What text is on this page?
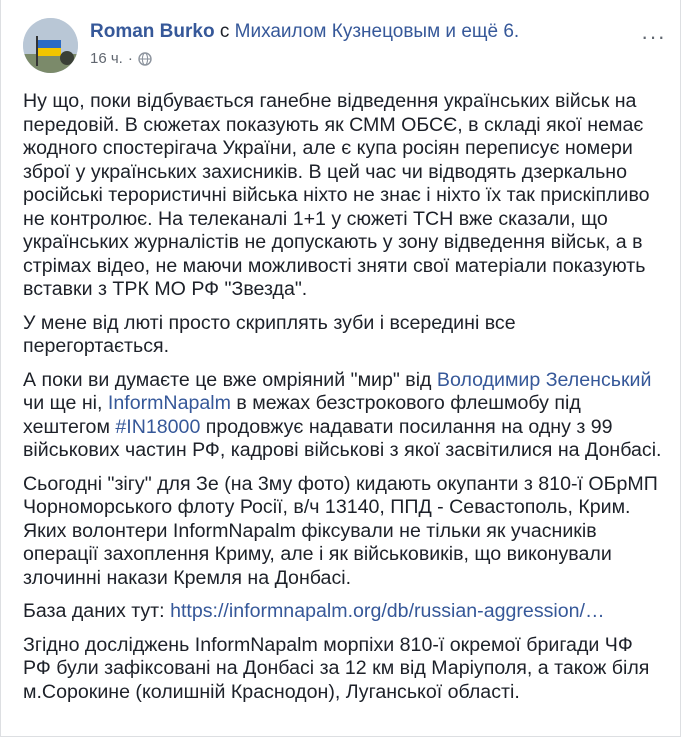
Roman Burko с Михаилом Кузнецовым и ещё 6.
16 ч. ·
···

Ну що, поки відбувається ганебне відведення українських військ на передовій. В сюжетах показують як СММ ОБСЄ, в складі якої немає жодного спостерігача України, але є купа росіян переписує номери зброї у українських захисників. В цей час чи відводять дзеркально російські терористичні війська ніхто не знає і ніхто їх так прискіпливо не контролює. На телеканалі 1+1 у сюжеті ТСН вже сказали, що українських журналістів не допускають у зону відведення військ, а в стрімах відео, не маючи можливості зняти свої матеріали показують вставки з ТРК МО РФ "Звезда".

У мене від люті просто скриплять зуби і всередині все перегортається.

А поки ви думаєте це вже омріяний "мир" від Володимир Зеленський чи ще ні, InformNapalm в межах безстрокового флешмобу під хештегом #IN18000 продовжує надавати посилання на одну з 99 військових частин РФ, кадрові військові з якої засвітилися на Донбасі.

Сьогодні "зігу" для Зе (на 3му фото) кидають окупанти з 810-ї ОБрМП Чорноморського флоту Росії, в/ч 13140, ППД - Севастополь, Крим.
Яких волонтери InformNapalm фіксували не тільки як учасників операції захоплення Криму, але і як військовиків, що виконували злочинні накази Кремля на Донбасі.

База даних тут: https://informnapalm.org/db/russian-aggression/…

Згідно досліджень InformNapalm морпіхи 810-ї окремої бригади ЧФ РФ були зафіксовані на Донбасі за 12 км від Маріуполя, а також біля м.Сорокине (колишній Краснодон), Луганської області.
